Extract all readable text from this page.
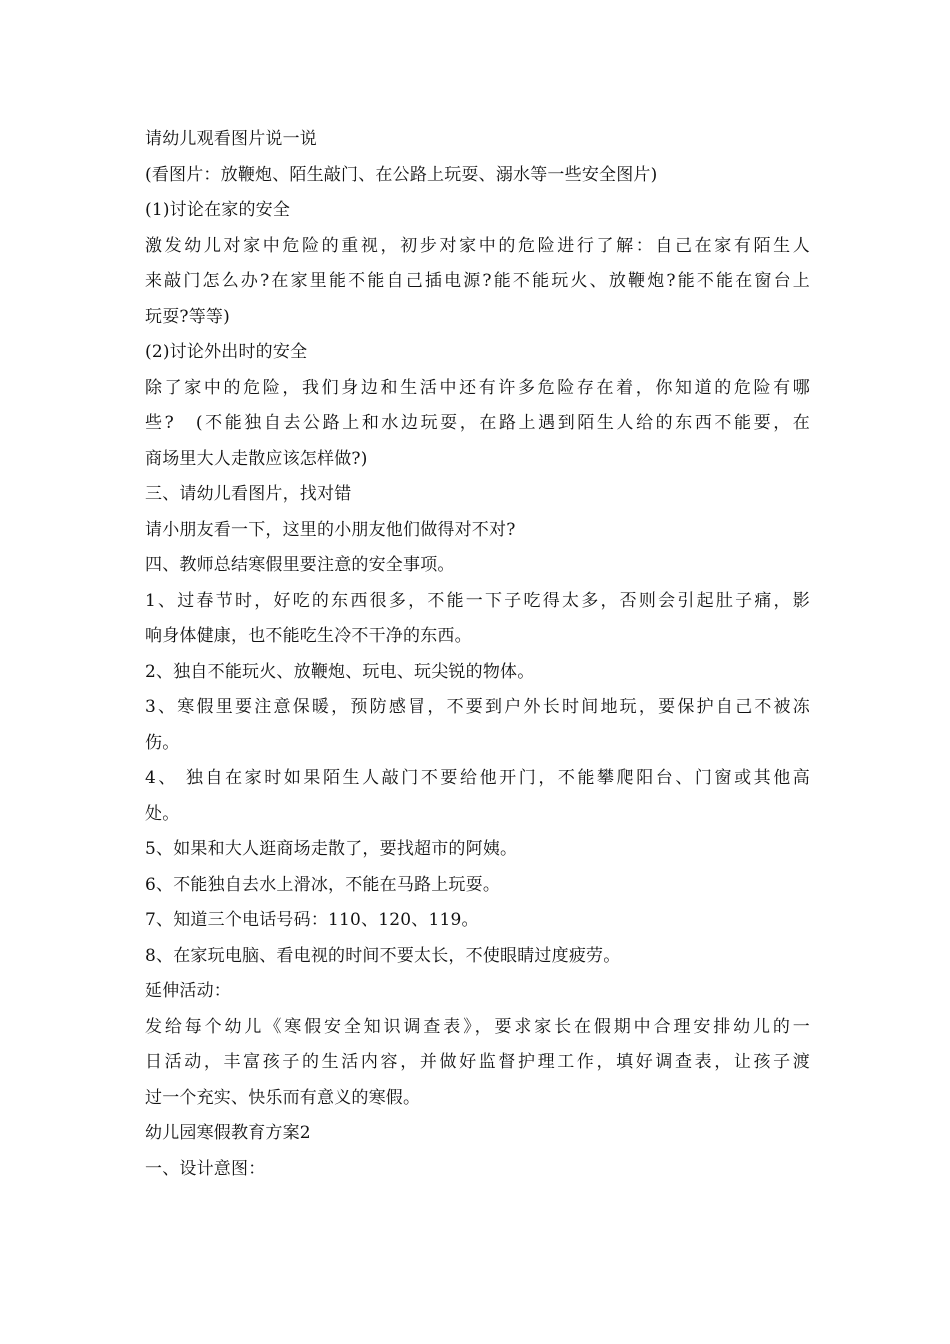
请幼儿观看图片说一说
(看图片：放鞭炮、陌生敲门、在公路上玩耍、溺水等一些安全图片)
(1)讨论在家的安全
激发幼儿对家中危险的重视，初步对家中的危险进行了解：自己在家有陌生人
来敲门怎么办?在家里能不能自己插电源?能不能玩火、放鞭炮?能不能在窗台上
玩耍?等等)
(2)讨论外出时的安全
除了家中的危险，我们身边和生活中还有许多危险存在着，你知道的危险有哪
些?　(不能独自去公路上和水边玩耍，在路上遇到陌生人给的东西不能要，在
商场里大人走散应该怎样做?)
三、请幼儿看图片，找对错
请小朋友看一下，这里的小朋友他们做得对不对?
四、教师总结寒假里要注意的安全事项。
1、过春节时，好吃的东西很多，不能一下子吃得太多，否则会引起肚子痛，影
响身体健康，也不能吃生冷不干净的东西。
2、独自不能玩火、放鞭炮、玩电、玩尖锐的物体。
3、寒假里要注意保暖，预防感冒，不要到户外长时间地玩，要保护自己不被冻
伤。
4、 独自在家时如果陌生人敲门不要给他开门，不能攀爬阳台、门窗或其他高
处。
5、如果和大人逛商场走散了，要找超市的阿姨。
6、不能独自去水上滑冰，不能在马路上玩耍。
7、知道三个电话号码：110、120、119。
8、在家玩电脑、看电视的时间不要太长，不使眼睛过度疲劳。
延伸活动：
发给每个幼儿《寒假安全知识调查表》，要求家长在假期中合理安排幼儿的一
日活动，丰富孩子的生活内容，并做好监督护理工作，填好调查表，让孩子渡
过一个充实、快乐而有意义的寒假。
幼儿园寒假教育方案2
一、设计意图：
